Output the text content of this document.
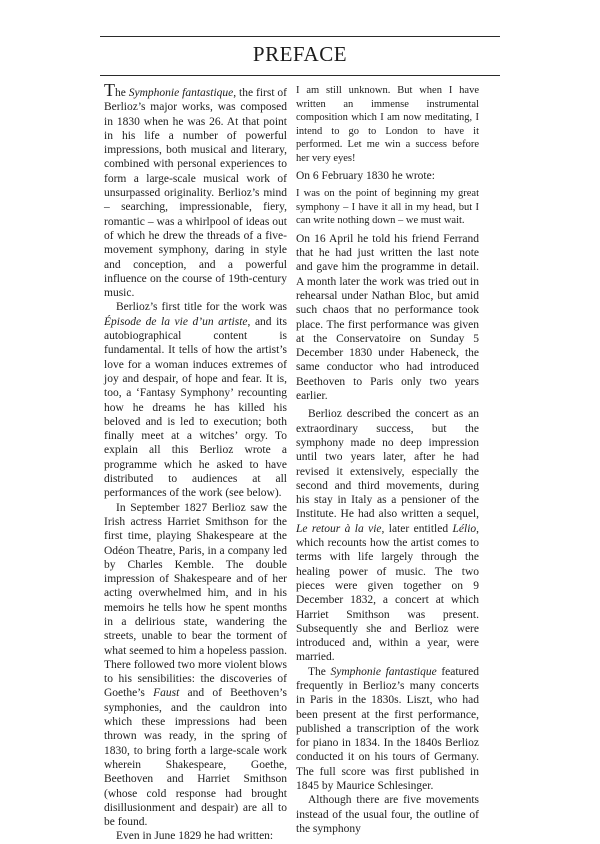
PREFACE

The Symphonie fantastique, the first of Berlioz’s major works, was composed in 1830 when he was 26. At that point in his life a number of powerful impressions, both musical and literary, combined with personal experiences to form a large-scale musical work of unsurpassed originality. Berlioz’s mind – searching, impressionable, fiery, romantic – was a whirlpool of ideas out of which he drew the threads of a five-movement symphony, daring in style and conception, and a powerful influence on the course of 19th-century music.

Berlioz’s first title for the work was Épisode de la vie d’un artiste, and its autobiographical content is fundamental. It tells of how the artist’s love for a woman induces extremes of joy and despair, of hope and fear. It is, too, a ‘Fantasy Symphony’ recounting how he dreams he has killed his beloved and is led to execution; both finally meet at a witches’ orgy. To explain all this Berlioz wrote a programme which he asked to have distributed to audiences at all performances of the work (see below).

In September 1827 Berlioz saw the Irish actress Harriet Smithson for the first time, playing Shakespeare at the Odéon Theatre, Paris, in a company led by Charles Kemble. The double impression of Shakespeare and of her acting overwhelmed him, and in his memoirs he tells how he spent months in a delirious state, wandering the streets, unable to bear the torment of what seemed to him a hopeless passion. There followed two more violent blows to his sensibilities: the discoveries of Goethe’s Faust and of Beethoven’s symphonies, and the cauldron into which these impressions had been thrown was ready, in the spring of 1830, to bring forth a large-scale work wherein Shakespeare, Goethe, Beethoven and Harriet Smithson (whose cold response had brought disillusionment and despair) are all to be found.

Even in June 1829 he had written:

I am still unknown. But when I have written an immense instrumental composition which I am now meditating, I intend to go to London to have it performed. Let me win a success before her very eyes!

On 6 February 1830 he wrote:

I was on the point of beginning my great symphony – I have it all in my head, but I can write nothing down – we must wait.

On 16 April he told his friend Ferrand that he had just written the last note and gave him the programme in detail. A month later the work was tried out in rehearsal under Nathan Bloc, but amid such chaos that no performance took place. The first performance was given at the Conservatoire on Sunday 5 December 1830 under Habeneck, the same conductor who had introduced Beethoven to Paris only two years earlier.

Berlioz described the concert as an extraordinary success, but the symphony made no deep impression until two years later, after he had revised it extensively, especially the second and third movements, during his stay in Italy as a pensioner of the Institute. He had also written a sequel, Le retour à la vie, later entitled Lélio, which recounts how the artist comes to terms with life largely through the healing power of music. The two pieces were given together on 9 December 1832, a concert at which Harriet Smithson was present. Subsequently she and Berlioz were introduced and, within a year, were married.

The Symphonie fantastique featured frequently in Berlioz’s many concerts in Paris in the 1830s. Liszt, who had been present at the first performance, published a transcription of the work for piano in 1834. In the 1840s Berlioz conducted it on his tours of Germany. The full score was first published in 1845 by Maurice Schlesinger.

Although there are five movements instead of the usual four, the outline of the symphony
